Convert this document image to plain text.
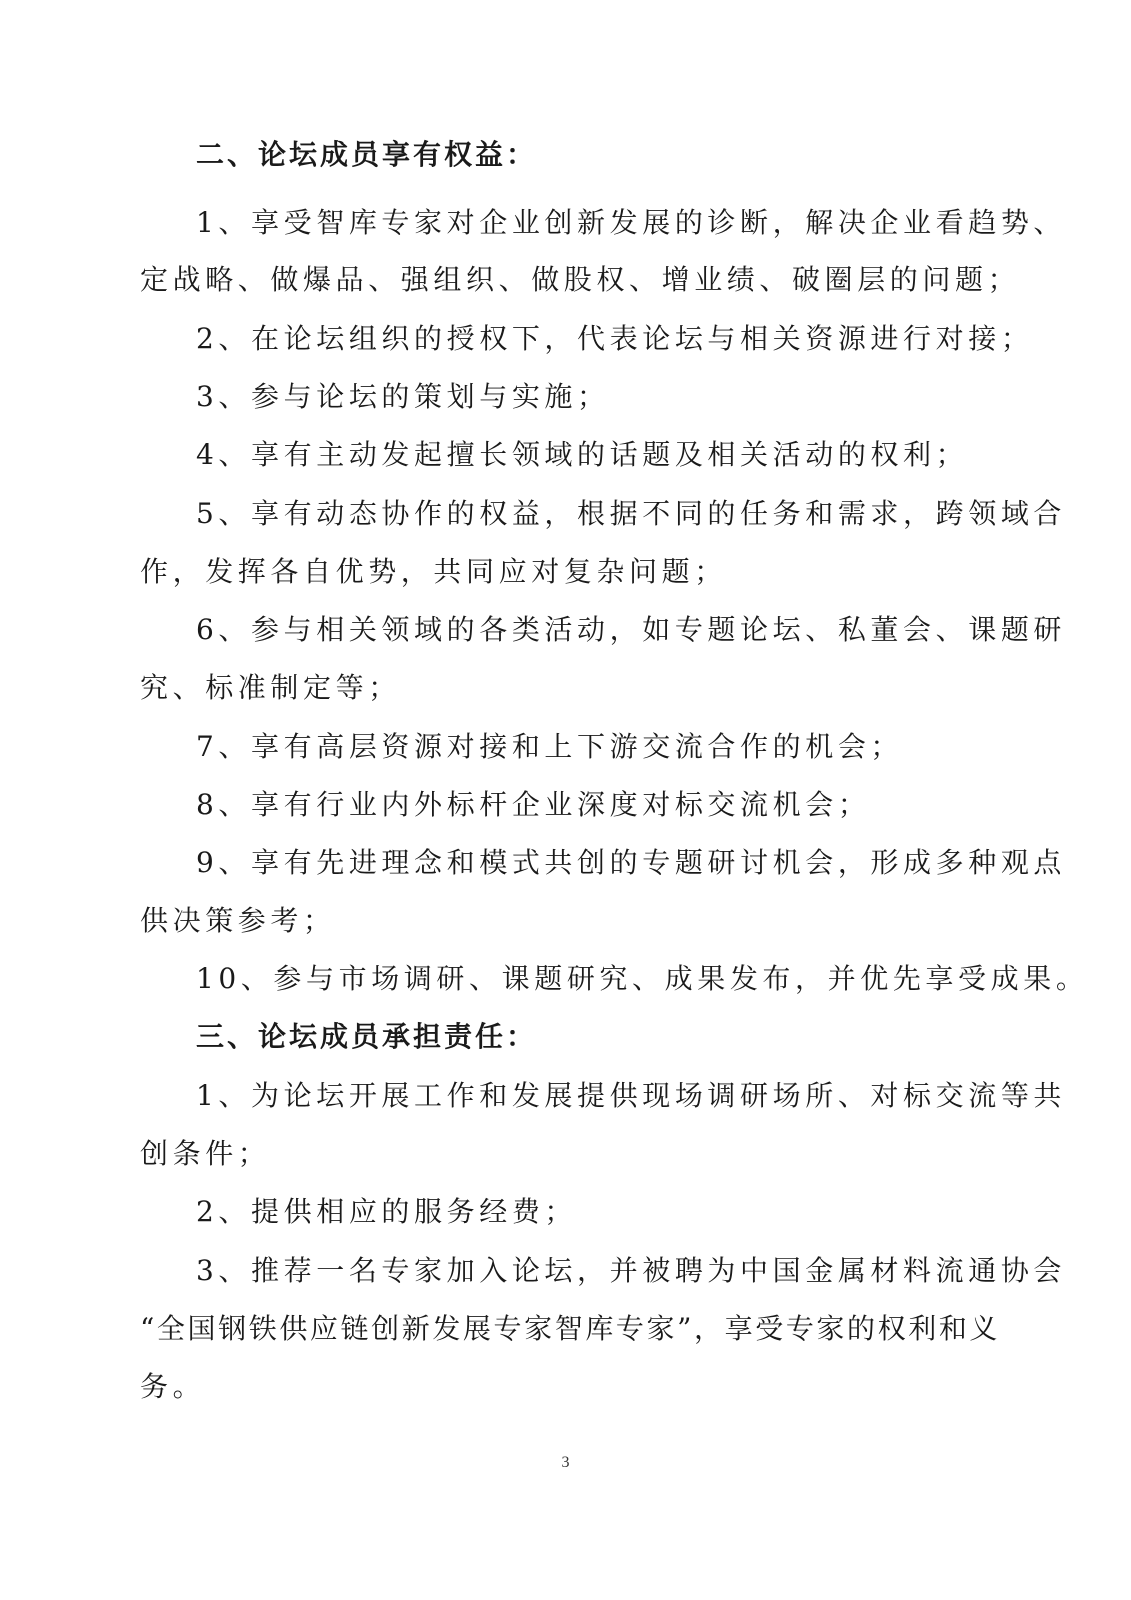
二、论坛成员享有权益：
1、享受智库专家对企业创新发展的诊断，解决企业看趋势、
定战略、做爆品、强组织、做股权、增业绩、破圈层的问题；
2、在论坛组织的授权下，代表论坛与相关资源进行对接；
3、参与论坛的策划与实施；
4、享有主动发起擅长领域的话题及相关活动的权利；
5、享有动态协作的权益，根据不同的任务和需求，跨领域合
作，发挥各自优势，共同应对复杂问题；
6、参与相关领域的各类活动，如专题论坛、私董会、课题研
究、标准制定等；
7、享有高层资源对接和上下游交流合作的机会；
8、享有行业内外标杆企业深度对标交流机会；
9、享有先进理念和模式共创的专题研讨机会，形成多种观点
供决策参考；
10、参与市场调研、课题研究、成果发布，并优先享受成果。
三、论坛成员承担责任：
1、为论坛开展工作和发展提供现场调研场所、对标交流等共
创条件；
2、提供相应的服务经费；
3、推荐一名专家加入论坛，并被聘为中国金属材料流通协会
“全国钢铁供应链创新发展专家智库专家”，享受专家的权利和义
务。
3
